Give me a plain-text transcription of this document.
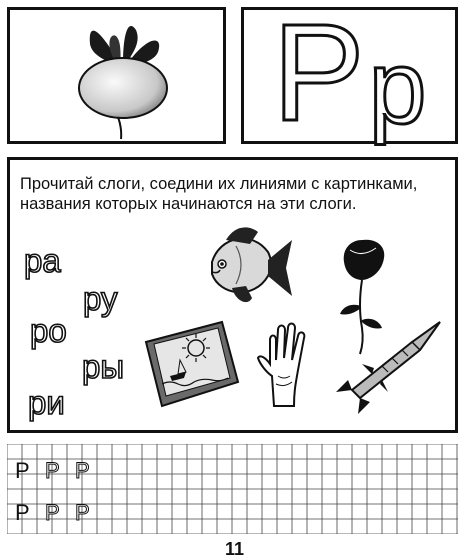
Р р

Прочитай слоги, соедини их линиями с картинками, названия которых начинаются на эти слоги.

ра
ру
ро
ры
ри
Р Р Р
Р Р Р
11
